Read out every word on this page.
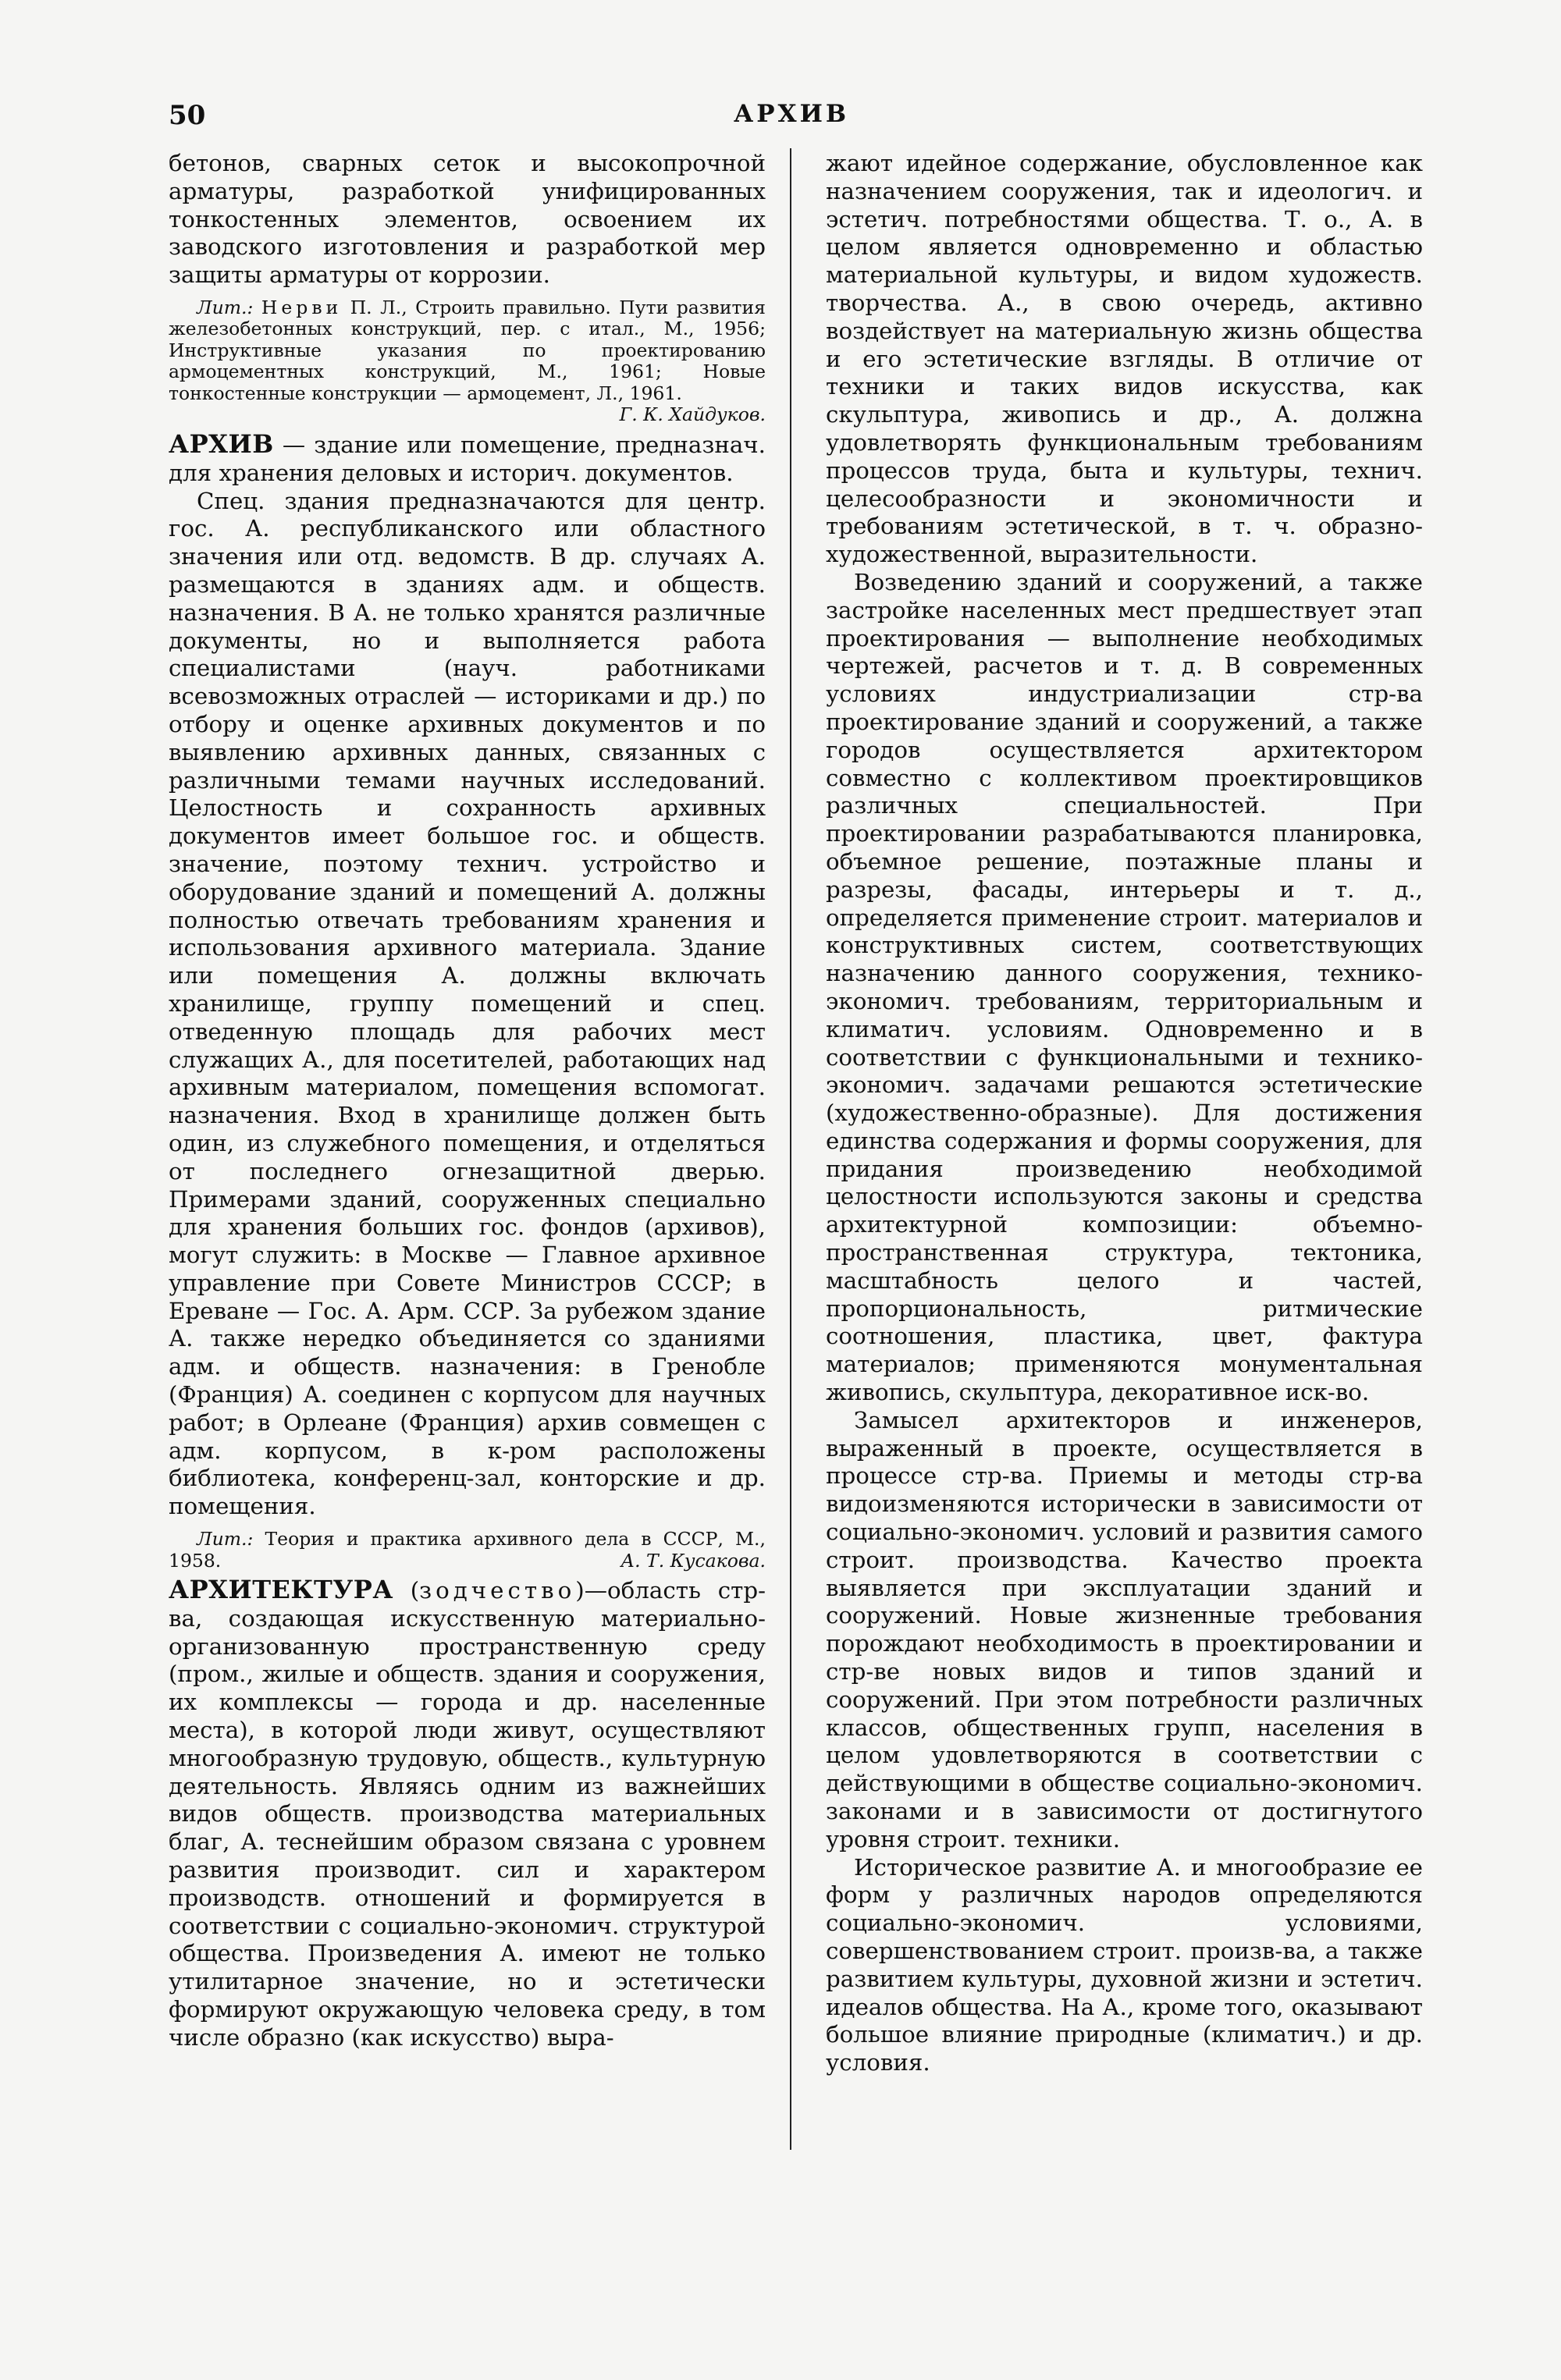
50	АРХИВ

бетонов, сварных сеток и высокопрочной арматуры, разработкой унифицированных тонкостенных элементов, освоением их заводского изготовления и разработкой мер защиты арматуры от коррозии.

Лит.: Нерви П. Л., Строить правильно. Пути развития железобетонных конструкций, пер. с итал., М., 1956; Инструктивные указания по проектированию армоцементных конструкций, М., 1961; Новые тонкостенные конструкции — армоцемент, Л., 1961.
Г. К. Хайдуков.

АРХИВ — здание или помещение, предназнач. для хранения деловых и историч. документов.

Спец. здания предназначаются для центр. гос. А. республиканского или областного значения или отд. ведомств. В др. случаях А. размещаются в зданиях адм. и обществ. назначения. В А. не только хранятся различные документы, но и выполняется работа специалистами (науч. работниками всевозможных отраслей — историками и др.) по отбору и оценке архивных документов и по выявлению архивных данных, связанных с различными темами научных исследований. Целостность и сохранность архивных документов имеет большое гос. и обществ. значение, поэтому технич. устройство и оборудование зданий и помещений А. должны полностью отвечать требованиям хранения и использования архивного материала. Здание или помещения А. должны включать хранилище, группу помещений и спец. отведенную площадь для рабочих мест служащих А., для посетителей, работающих над архивным материалом, помещения вспомогат. назначения. Вход в хранилище должен быть один, из служебного помещения, и отделяться от последнего огнезащитной дверью. Примерами зданий, сооруженных специально для хранения больших гос. фондов (архивов), могут служить: в Москве — Главное архивное управление при Совете Министров СССР; в Ереване — Гос. А. Арм. ССР. За рубежом здание А. также нередко объединяется со зданиями адм. и обществ. назначения: в Гренобле (Франция) А. соединен с корпусом для научных работ; в Орлеане (Франция) архив совмещен с адм. корпусом, в к-ром расположены библиотека, конференц-зал, конторские и др. помещения.

Лит.: Теория и практика архивного дела в СССР, М., 1958.	А. Т. Кусакова.

АРХИТЕКТУРА (зодчество)—область стр-ва, создающая искусственную материально-организованную пространственную среду (пром., жилые и обществ. здания и сооружения, их комплексы — города и др. населенные места), в которой люди живут, осуществляют многообразную трудовую, обществ., культурную деятельность. Являясь одним из важнейших видов обществ. производства материальных благ, А. теснейшим образом связана с уровнем развития производит. сил и характером производств. отношений и формируется в соответствии с социально-экономич. структурой общества. Произведения А. имеют не только утилитарное значение, но и эстетически формируют окружающую человека среду, в том числе образно (как искусство) выра-

жают идейное содержание, обусловленное как назначением сооружения, так и идеологич. и эстетич. потребностями общества. Т. о., А. в целом является одновременно и областью материальной культуры, и видом художеств. творчества. А., в свою очередь, активно воздействует на материальную жизнь общества и его эстетические взгляды. В отличие от техники и таких видов искусства, как скульптура, живопись и др., А. должна удовлетворять функциональным требованиям процессов труда, быта и культуры, технич. целесообразности и экономичности и требованиям эстетической, в т. ч. образно-художественной, выразительности.

Возведению зданий и сооружений, а также застройке населенных мест предшествует этап проектирования — выполнение необходимых чертежей, расчетов и т. д. В современных условиях индустриализации стр-ва проектирование зданий и сооружений, а также городов осуществляется архитектором совместно с коллективом проектировщиков различных специальностей. При проектировании разрабатываются планировка, объемное решение, поэтажные планы и разрезы, фасады, интерьеры и т. д., определяется применение строит. материалов и конструктивных систем, соответствующих назначению данного сооружения, технико-экономич. требованиям, территориальным и климатич. условиям. Одновременно и в соответствии с функциональными и технико-экономич. задачами решаются эстетические (художественно-образные). Для достижения единства содержания и формы сооружения, для придания произведению необходимой целостности используются законы и средства архитектурной композиции: объемно-пространственная структура, тектоника, масштабность целого и частей, пропорциональность, ритмические соотношения, пластика, цвет, фактура материалов; применяются монументальная живопись, скульптура, декоративное иск-во.

Замысел архитекторов и инженеров, выраженный в проекте, осуществляется в процессе стр-ва. Приемы и методы стр-ва видоизменяются исторически в зависимости от социально-экономич. условий и развития самого строит. производства. Качество проекта выявляется при эксплуатации зданий и сооружений. Новые жизненные требования порождают необходимость в проектировании и стр-ве новых видов и типов зданий и сооружений. При этом потребности различных классов, общественных групп, населения в целом удовлетворяются в соответствии с действующими в обществе социально-экономич. законами и в зависимости от достигнутого уровня строит. техники.

Историческое развитие А. и многообразие ее форм у различных народов определяются социально-экономич. условиями, совершенствованием строит. произв-ва, а также развитием культуры, духовной жизни и эстетич. идеалов общества. На А., кроме того, оказывают большое влияние природные (климатич.) и др. условия.
